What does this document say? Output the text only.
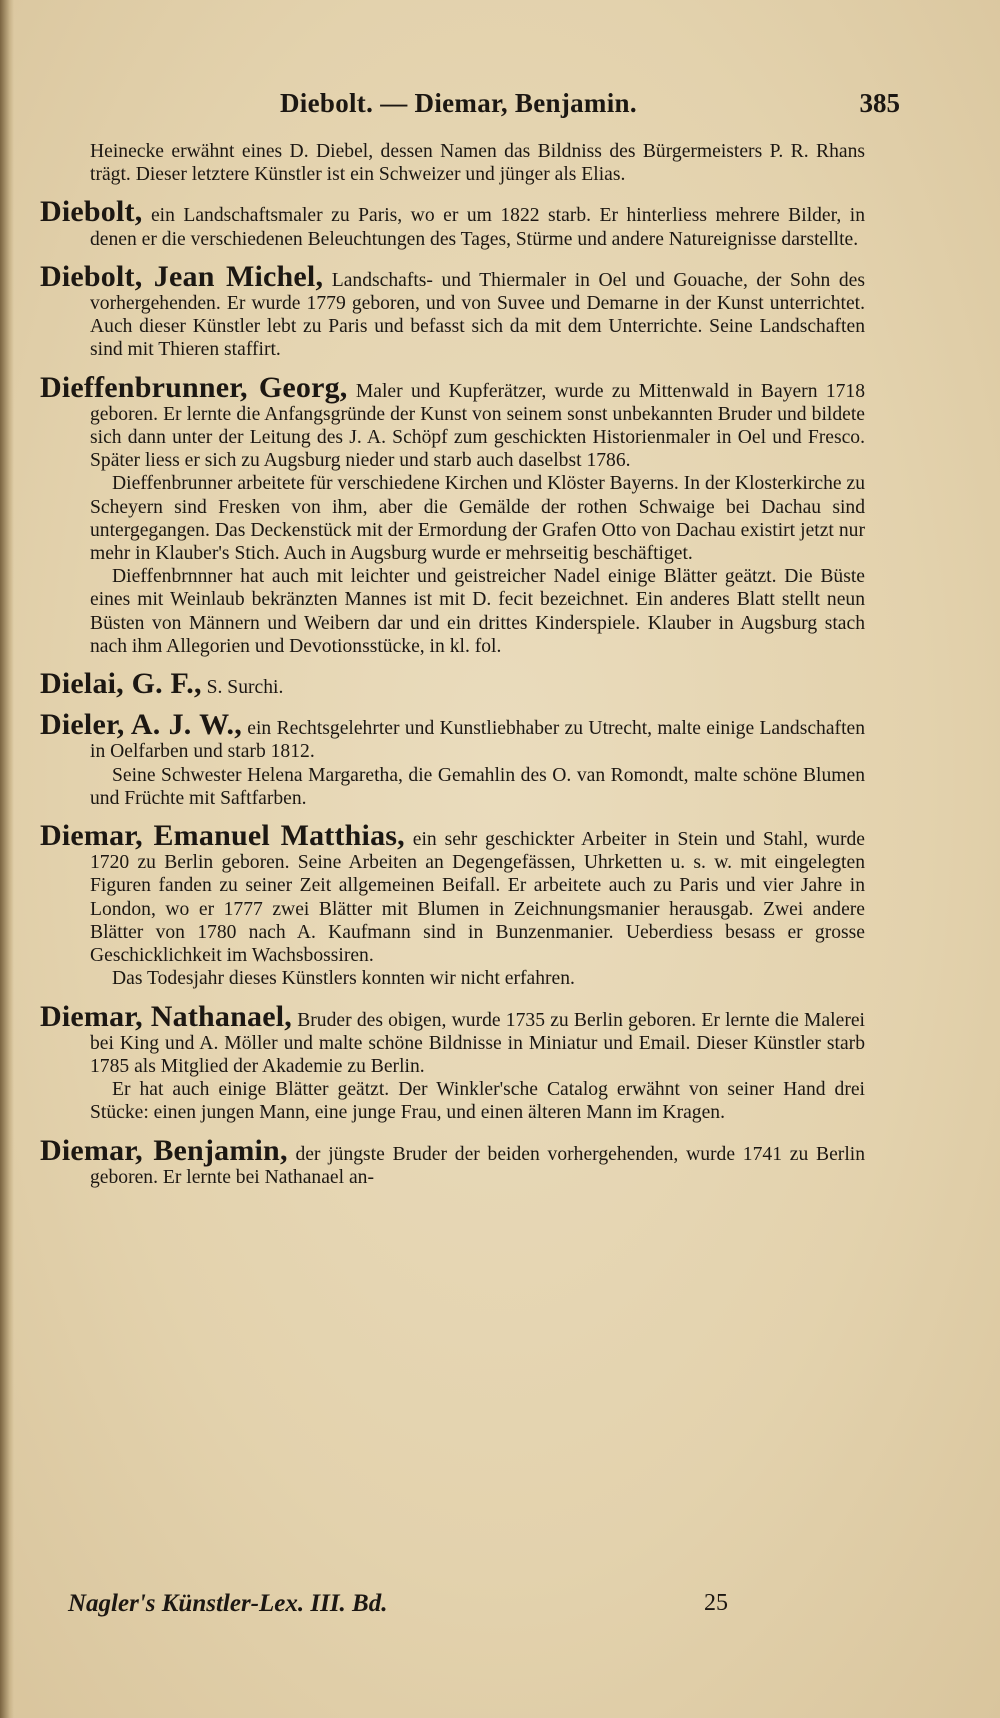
Diebolt. — Diemar, Benjamin.	385

Heinecke erwähnt eines D. Diebel, dessen Namen das Bildniss des Bürgermeisters P. R. Rhans trägt. Dieser letztere Künstler ist ein Schweizer und jünger als Elias.

Diebolt, ein Landschaftsmaler zu Paris, wo er um 1822 starb. Er hinterliess mehrere Bilder, in denen er die verschiedenen Beleuchtungen des Tages, Stürme und andere Natureignisse darstellte.

Diebolt, Jean Michel, Landschafts- und Thiermaler in Oel und Gouache, der Sohn des vorhergehenden. Er wurde 1779 geboren, und von Suvee und Demarne in der Kunst unterrichtet. Auch dieser Künstler lebt zu Paris und befasst sich da mit dem Unterrichte. Seine Landschaften sind mit Thieren staffirt.

Dieffenbrunner, Georg, Maler und Kupferätzer, wurde zu Mittenwald in Bayern 1718 geboren. Er lernte die Anfangsgründe der Kunst von seinem sonst unbekannten Bruder und bildete sich dann unter der Leitung des J. A. Schöpf zum geschickten Historienmaler in Oel und Fresco. Später liess er sich zu Augsburg nieder und starb auch daselbst 1786.

Dieffenbrunner arbeitete für verschiedene Kirchen und Klöster Bayerns. In der Klosterkirche zu Scheyern sind Fresken von ihm, aber die Gemälde der rothen Schwaige bei Dachau sind untergegangen. Das Deckenstück mit der Ermordung der Grafen Otto von Dachau existirt jetzt nur mehr in Klauber's Stich. Auch in Augsburg wurde er mehrseitig beschäftiget.

Dieffenbrnnner hat auch mit leichter und geistreicher Nadel einige Blätter geätzt. Die Büste eines mit Weinlaub bekränzten Mannes ist mit D. fecit bezeichnet. Ein anderes Blatt stellt neun Büsten von Männern und Weibern dar und ein drittes Kinderspiele. Klauber in Augsburg stach nach ihm Allegorien und Devotionsstücke, in kl. fol.

Dielai, G. F., S. Surchi.

Dieler, A. J. W., ein Rechtsgelehrter und Kunstliebhaber zu Utrecht, malte einige Landschaften in Oelfarben und starb 1812.

Seine Schwester Helena Margaretha, die Gemahlin des O. van Romondt, malte schöne Blumen und Früchte mit Saftfarben.

Diemar, Emanuel Matthias, ein sehr geschickter Arbeiter in Stein und Stahl, wurde 1720 zu Berlin geboren. Seine Arbeiten an Degengefässen, Uhrketten u. s. w. mit eingelegten Figuren fanden zu seiner Zeit allgemeinen Beifall. Er arbeitete auch zu Paris und vier Jahre in London, wo er 1777 zwei Blätter mit Blumen in Zeichnungsmanier herausgab. Zwei andere Blätter von 1780 nach A. Kaufmann sind in Bunzenmanier. Ueberdiess besass er grosse Geschicklichkeit im Wachsbossiren.

Das Todesjahr dieses Künstlers konnten wir nicht erfahren.

Diemar, Nathanael, Bruder des obigen, wurde 1735 zu Berlin geboren. Er lernte die Malerei bei King und A. Möller und malte schöne Bildnisse in Miniatur und Email. Dieser Künstler starb 1785 als Mitglied der Akademie zu Berlin.

Er hat auch einige Blätter geätzt. Der Winkler'sche Catalog erwähnt von seiner Hand drei Stücke: einen jungen Mann, eine junge Frau, und einen älteren Mann im Kragen.

Diemar, Benjamin, der jüngste Bruder der beiden vorhergehenden, wurde 1741 zu Berlin geboren. Er lernte bei Nathanael an-

Nagler's Künstler-Lex. III. Bd.	25
